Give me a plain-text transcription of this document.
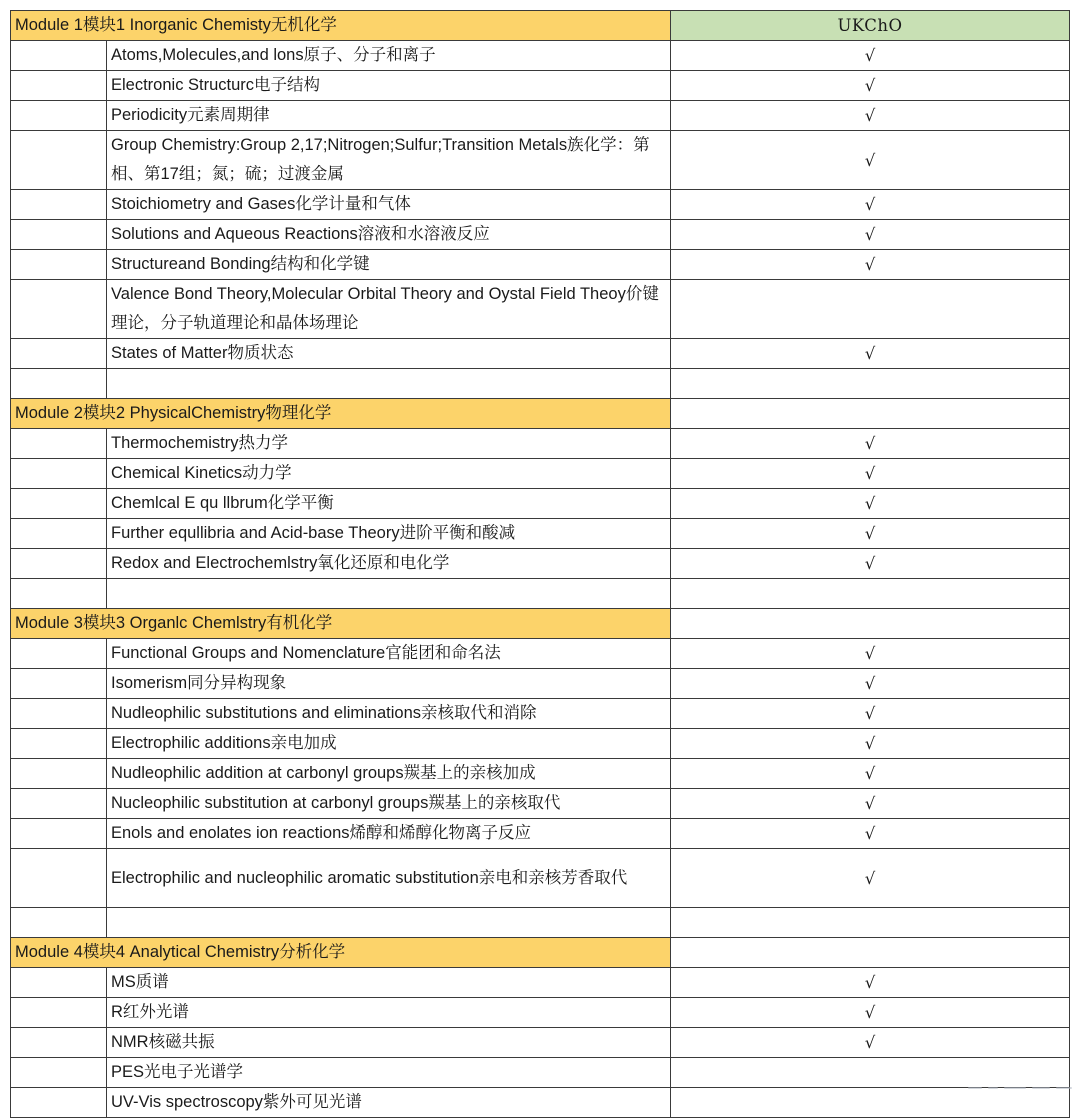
Module 1模块1 Inorganic Chemisty无机化学		UKChO
	Atoms,Molecules,and lons原子、分子和离子	√
	Electronic Structurc电子结构	√
	Periodicity元素周期律	√
	Group Chemistry:Group 2,17;Nitrogen;Sulfur;Transition Metals族化学：第相、第17组；氮；硫；过渡金属	√
	Stoichiometry and Gases化学计量和气体	√
	Solutions and Aqueous Reactions溶液和水溶液反应	√
	Structureand Bonding结构和化学键	√
	Valence Bond Theory,Molecular Orbital Theory and Oystal Field Theoy价键理论，分子轨道理论和晶体场理论	
	States of Matter物质状态	√

Module 2模块2 PhysicalChemistry物理化学		
	Thermochemistry热力学	√
	Chemical Kinetics动力学	√
	Chemlcal E qu llbrum化学平衡	√
	Further equllibria and Acid-base Theory进阶平衡和酸减	√
	Redox and Electrochemlstry氧化还原和电化学	√

Module 3模块3 Organlc Chemlstry有机化学		
	Functional Groups and Nomenclature官能团和命名法	√
	Isomerism同分异构现象	√
	Nudleophilic substitutions and eliminations亲核取代和消除	√
	Electrophilic additions亲电加成	√
	Nudleophilic addition at carbonyl groups羰基上的亲核加成	√
	Nucleophilic substitution at carbonyl groups羰基上的亲核取代	√
	Enols and enolates ion reactions烯醇和烯醇化物离子反应	√
	Electrophilic and nucleophilic aromatic substitution亲电和亲核芳香取代	√

Module 4模块4 Analytical Chemistry分析化学		
	MS质谱	√
	R红外光谱	√
	NMR核磁共振	√
	PES光电子光谱学	
	UV-Vis spectroscopy紫外可见光谱	
